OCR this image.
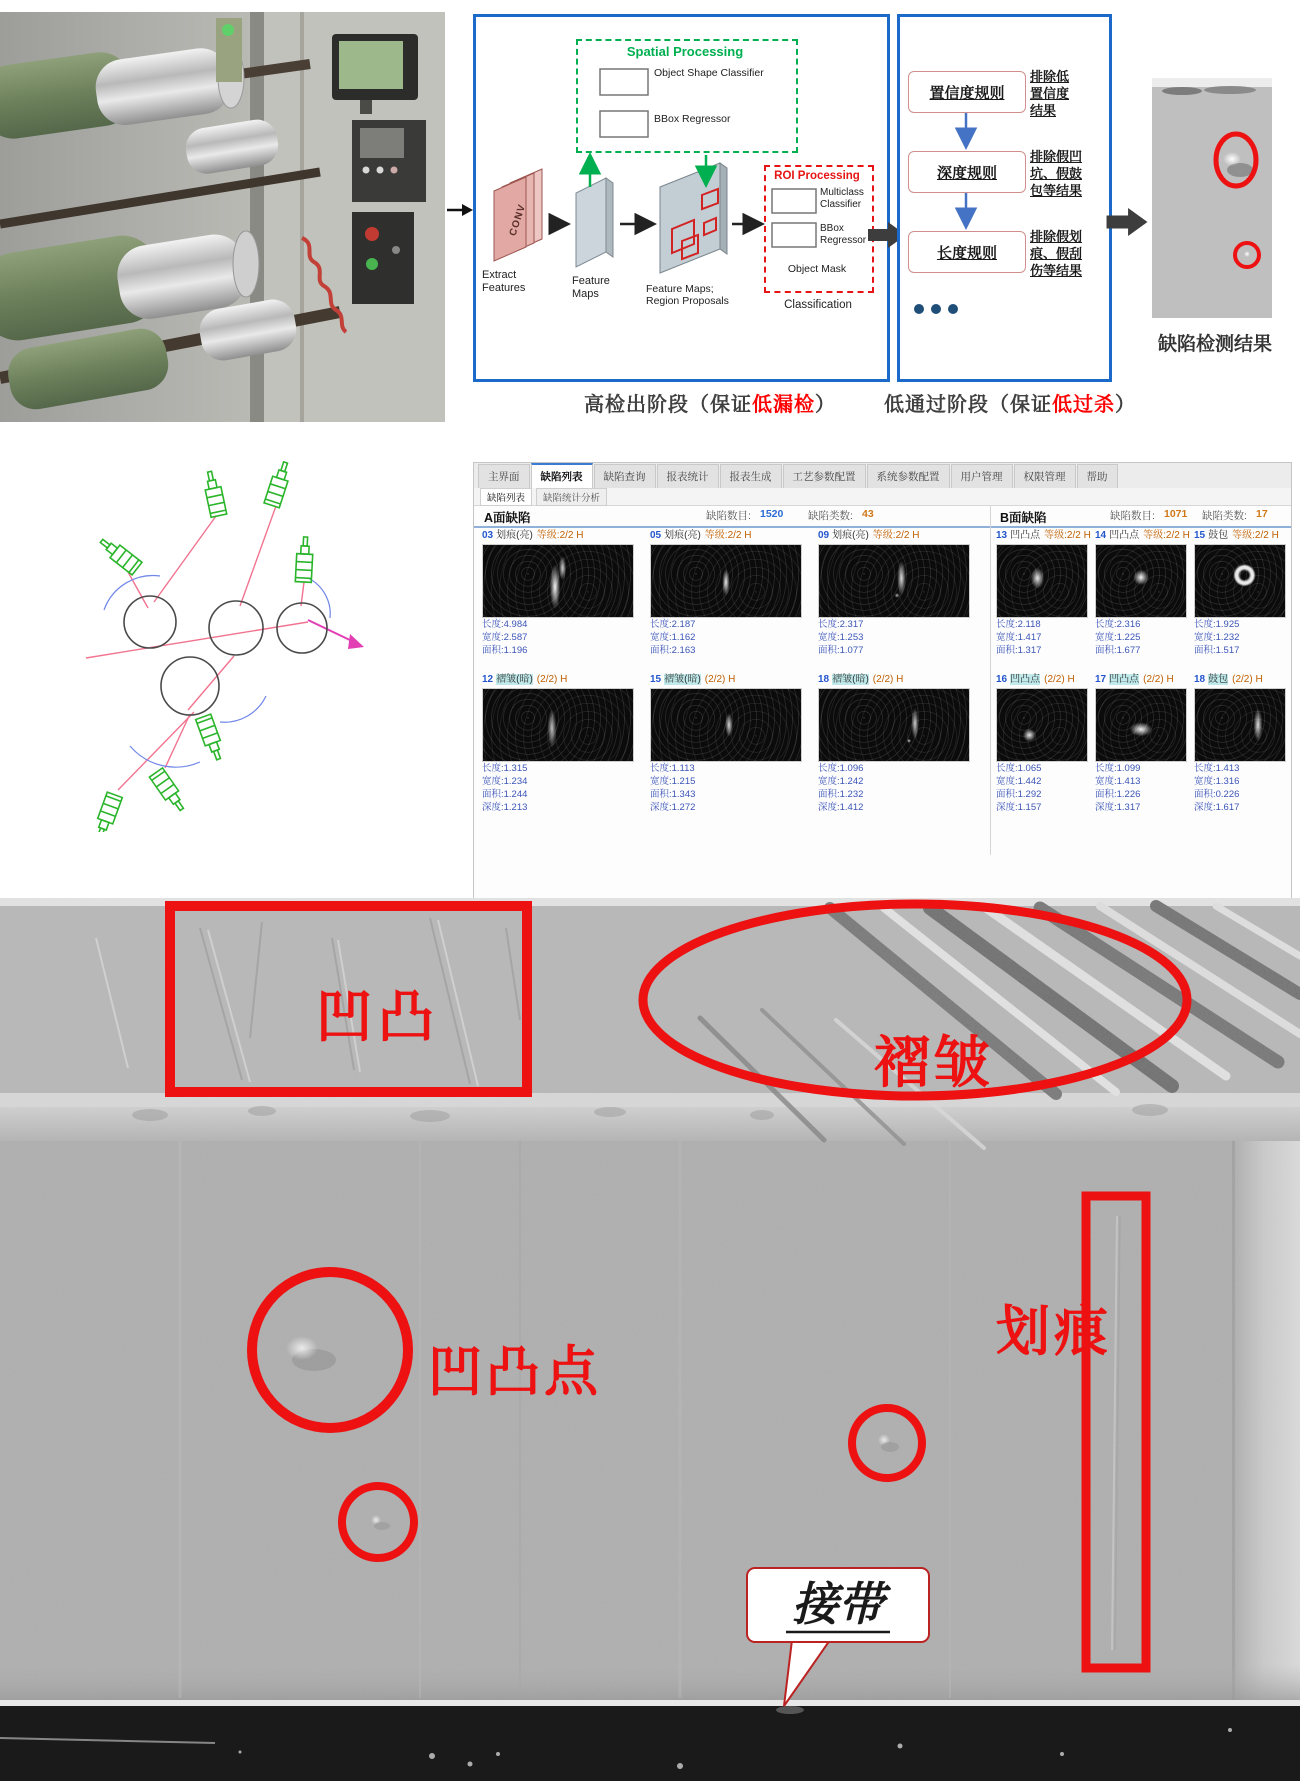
Spatial Processing
Object Shape Classifier
BBox Regressor
CONV
Extract Features
Feature Maps	Feature Maps; Region Proposals
ROI Processing
Multiclass Classifier
BBox Regressor
Object Mask
Classification
置信度规则
深度规则
长度规则
排除低置信度结果
排除假凹坑、假鼓包等结果
排除假划痕、假刮伤等结果
缺陷检测结果
高检出阶段（保证低漏检）	低通过阶段（保证低过杀）
主界面	缺陷列表	缺陷查询	报表统计	报表生成	工艺参数配置	系统参数配置	用户管理	权限管理	帮助
缺陷列表	缺陷统计分析
A面缺陷	缺陷数目: 1520 缺陷类数: 43	B面缺陷	缺陷数目: 1071 缺陷类数: 17
03 划痕(亮) 等级:2/2 H
长度:4.984
宽度:2.587
面积:1.196
05 划痕(亮) 等级:2/2 H
长度:2.187
宽度:1.162
面积:2.163
09 划痕(亮) 等级:2/2 H
长度:2.317
宽度:1.253
面积:1.077
13 凹凸点 等级:2/2 H
长度:2.118
宽度:1.417
面积:1.317
14 凹凸点 等级:2/2 H
长度:2.316
宽度:1.225
面积:1.677
15 鼓包 等级:2/2 H
长度:1.925
宽度:1.232
面积:1.517
12 褶皱(暗) (2/2) H
长度:1.315
宽度:1.234
面积:1.244
深度:1.213
15 褶皱(暗) (2/2) H
长度:1.113
宽度:1.215
面积:1.343
深度:1.272
18 褶皱(暗) (2/2) H
长度:1.096
宽度:1.242
面积:1.232
深度:1.412
16 凹凸点 (2/2) H
长度:1.065
宽度:1.442
面积:1.292
深度:1.157
17 凹凸点 (2/2) H
长度:1.099
宽度:1.413
面积:1.226
深度:1.317
18 鼓包 (2/2) H
长度:1.413
宽度:1.316
面积:0.226
深度:1.617
凹凸
褶皱
凹凸点
划痕
接带
